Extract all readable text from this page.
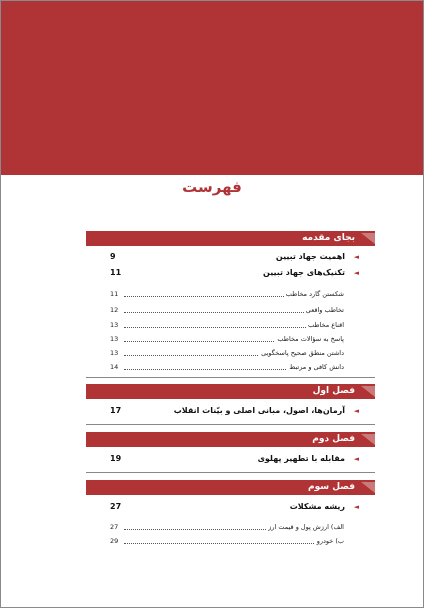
فهرست
بجای مقدمه
◄
اهمیت جهاد تبیین
9
◄
تکنیک‌های جهاد تبیین
11
شکستن گارد مخاطب
11
تخاطب واقعی
12
اقناع مخاطب
13
پاسخ به سؤالات مخاطب
13
داشتن منطق صحیح پاسخگویی
13
دانش کافی و مرتبط
14
فصل اول
◄
آرمان‌ها، اصول، مبانی اصلی و بیّنات انقلاب
17
فصل دوم
◄
مقابله با تطهیر پهلوی
19
فصل سوم
◄
ریشه مشکلات
27
الف) ارزش پول و قیمت ارز
27
ب) خودرو
29
